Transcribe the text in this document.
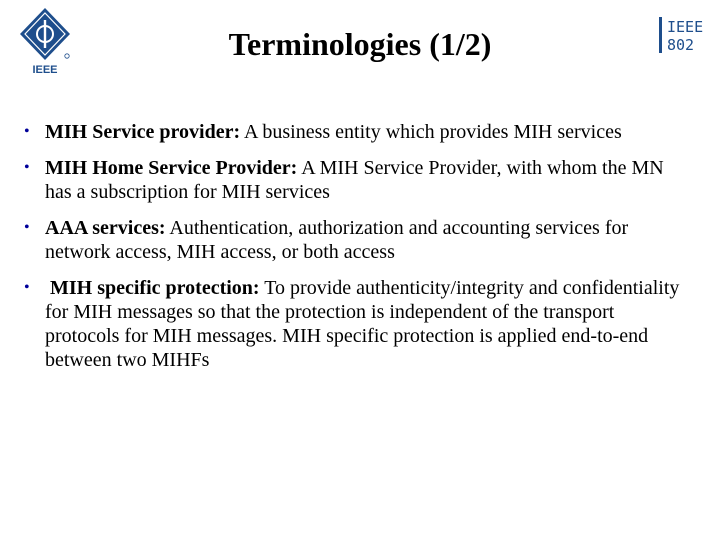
IEEE
IEEE
802
Terminologies (1/2)
• MIH Service provider: A business entity which provides MIH services
• MIH Home Service Provider: A MIH Service Provider, with whom the MN has a subscription for MIH services
• AAA services: Authentication, authorization and accounting services for network access, MIH access, or both access
• MIH specific protection: To provide authenticity/integrity and confidentiality for MIH messages so that the protection is independent of the transport protocols for MIH messages. MIH specific protection is applied end-to-end between two MIHFs
